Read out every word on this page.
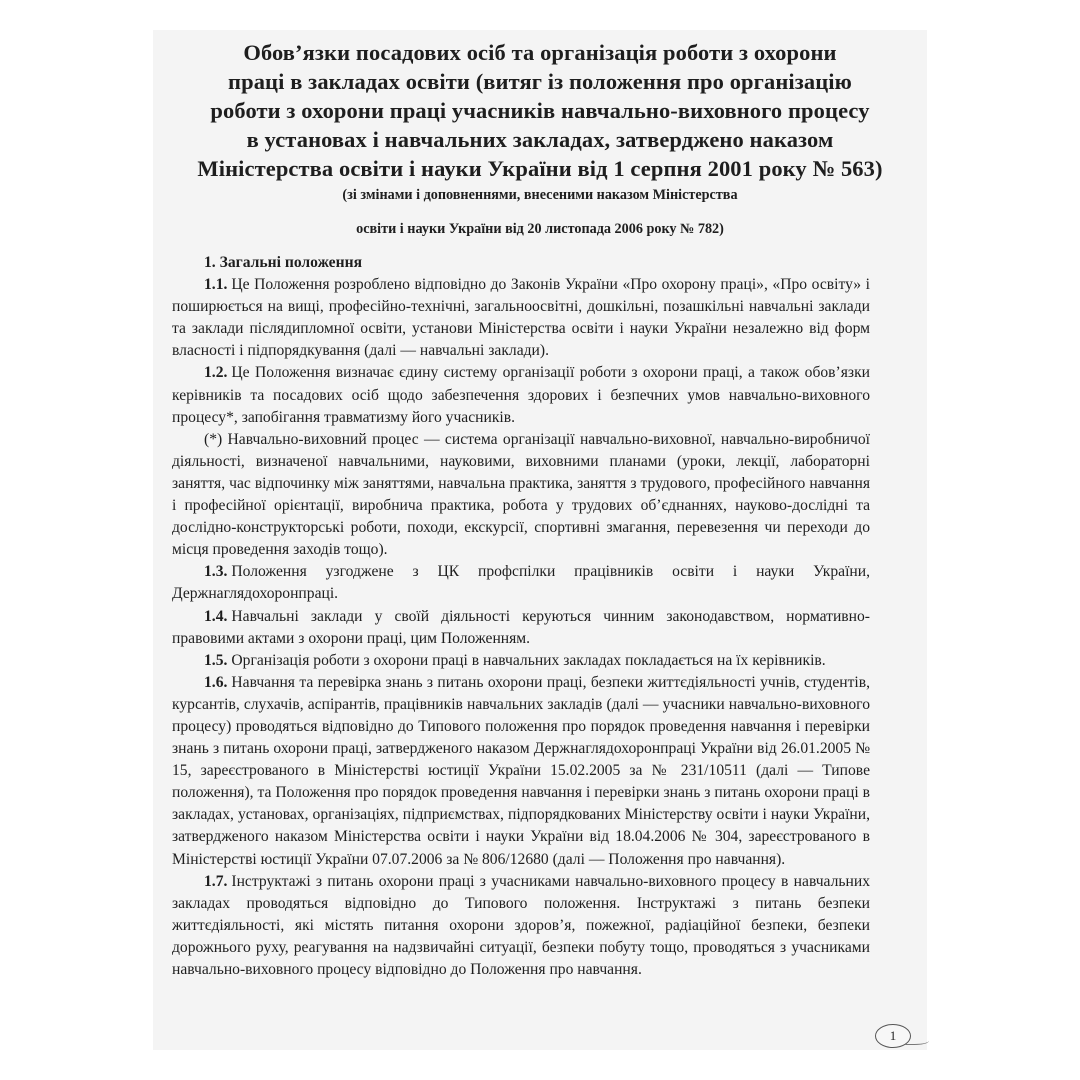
Обов’язки посадових осіб та організація роботи з охорони
праці в закладах освіти (витяг із положення про організацію
роботи з охорони праці учасників навчально-виховного процесу
в установах і навчальних закладах, затверджено наказом
Міністерства освіти і науки України від 1 серпня 2001 року № 563)
(зі змінами і доповненнями, внесеними наказом Міністерства
освіти і науки України від 20 листопада 2006 року № 782)
1. Загальні положення

1.1. Це Положення розроблено відповідно до Законів України «Про охорону праці», «Про освіту» і поширюється на вищі, професійно-технічні, загальноосвітні, дошкільні, позашкільні навчальні заклади та заклади післядипломної освіти, установи Міністерства освіти і науки України незалежно від форм власності і підпорядкування (далі — навчальні заклади).

1.2. Це Положення визначає єдину систему організації роботи з охорони праці, а також обов’язки керівників та посадових осіб щодо забезпечення здорових і безпечних умов навчально-виховного процесу*, запобігання травматизму його учасників.

(*) Навчально-виховний процес — система організації навчально-виховної, навчально-виробничої діяльності, визначеної навчальними, науковими, виховними планами (уроки, лекції, лабораторні заняття, час відпочинку між заняттями, навчальна практика, заняття з трудового, професійного навчання і професійної орієнтації, виробнича практика, робота у трудових об’єднаннях, науково-дослідні та дослідно-конструкторські роботи, походи, екскурсії, спортивні змагання, перевезення чи переходи до місця проведення заходів тощо).

1.3. Положення узгоджене з ЦК профспілки працівників освіти і науки України, Держнаглядохоронпраці.

1.4. Навчальні заклади у своїй діяльності керуються чинним законодавством, нормативно-правовими актами з охорони праці, цим Положенням.

1.5. Організація роботи з охорони праці в навчальних закладах покладається на їх керівників.

1.6. Навчання та перевірка знань з питань охорони праці, безпеки життєдіяльності учнів, студентів, курсантів, слухачів, аспірантів, працівників навчальних закладів (далі — учасники навчально-виховного процесу) проводяться відповідно до Типового положення про порядок проведення навчання і перевірки знань з питань охорони праці, затвердженого наказом Держнаглядохоронпраці України від 26.01.2005 № 15, зареєстрованого в Міністерстві юстиції України 15.02.2005 за № 231/10511 (далі — Типове положення), та Положення про порядок проведення навчання і перевірки знань з питань охорони праці в закладах, установах, організаціях, підприємствах, підпорядкованих Міністерству освіти і науки України, затвердженого наказом Міністерства освіти і науки України від 18.04.2006 № 304, зареєстрованого в Міністерстві юстиції України 07.07.2006 за № 806/12680 (далі — Положення про навчання).

1.7. Інструктажі з питань охорони праці з учасниками навчально-виховного процесу в навчальних закладах проводяться відповідно до Типового положення. Інструктажі з питань безпеки життєдіяльності, які містять питання охорони здоров’я, пожежної, радіаційної безпеки, безпеки дорожнього руху, реагування на надзвичайні ситуації, безпеки побуту тощо, проводяться з учасниками навчально-виховного процесу відповідно до Положення про навчання.

1
